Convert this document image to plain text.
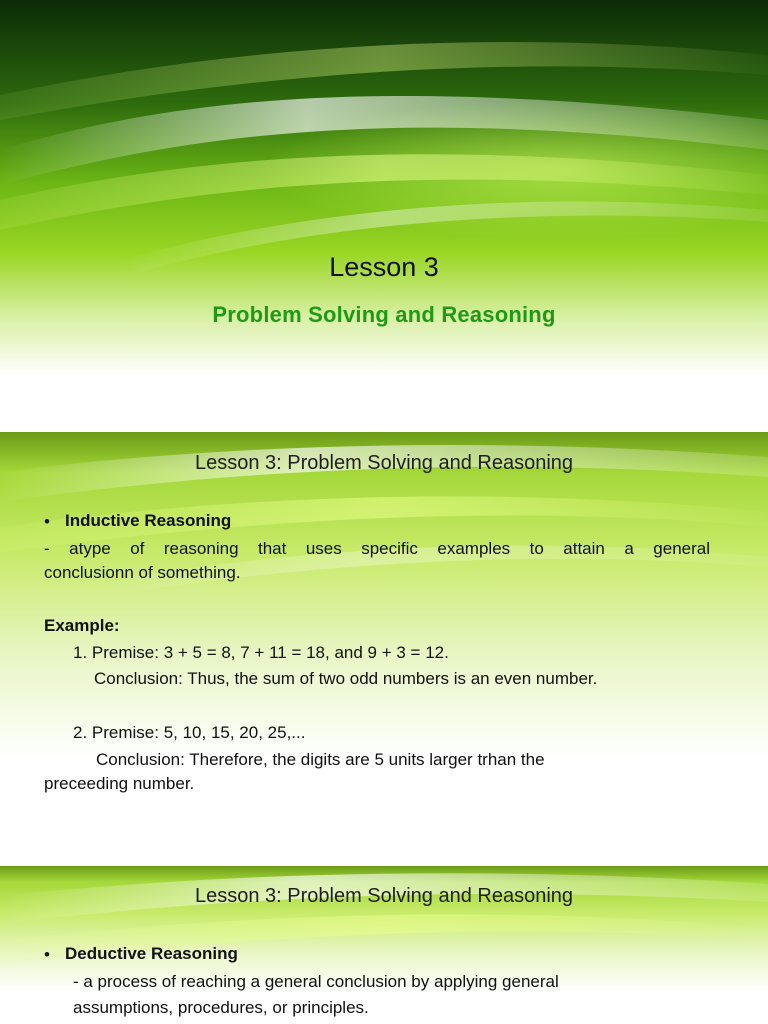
Lesson 3
Problem Solving and Reasoning
Lesson 3: Problem Solving and Reasoning
• Inductive Reasoning
- atype of reasoning that uses specific examples to attain a general
conclusionn of something.
Example:
1. Premise: 3 + 5 = 8, 7 + 11 = 18, and 9 + 3 = 12.
Conclusion: Thus, the sum of two odd numbers is an even number.
2. Premise: 5, 10, 15, 20, 25,...
Conclusion: Therefore, the digits are 5 units larger trhan the
preceeding number.
Lesson 3: Problem Solving and Reasoning
• Deductive Reasoning
- a process of reaching a general conclusion by applying general
assumptions, procedures, or principles.
